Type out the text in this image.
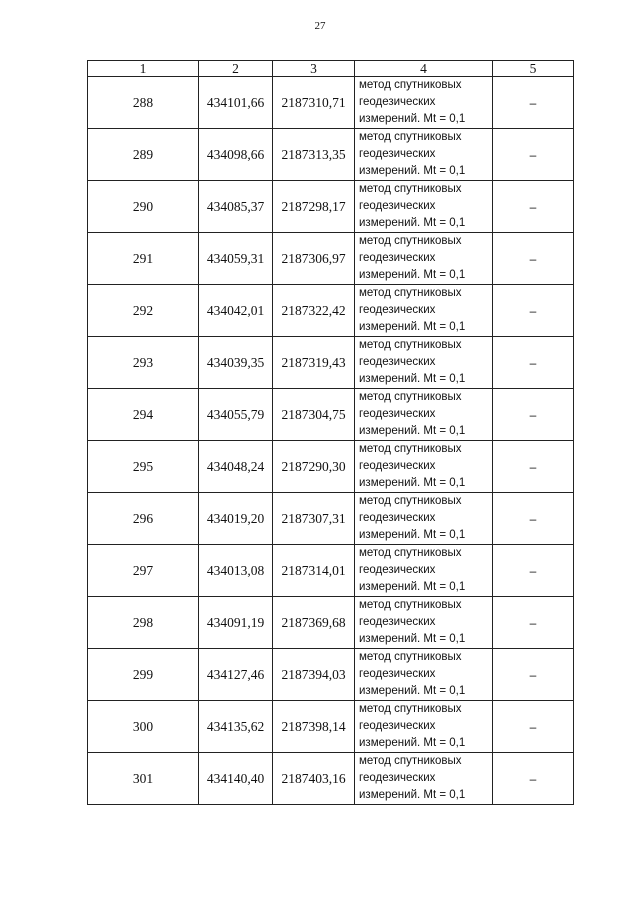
27
1	2	3	4	5
288	434101,66	2187310,71	метод спутниковых
геодезических
измерений. Mt = 0,1	–
289	434098,66	2187313,35	метод спутниковых
геодезических
измерений. Mt = 0,1	–
290	434085,37	2187298,17	метод спутниковых
геодезических
измерений. Mt = 0,1	–
291	434059,31	2187306,97	метод спутниковых
геодезических
измерений. Mt = 0,1	–
292	434042,01	2187322,42	метод спутниковых
геодезических
измерений. Mt = 0,1	–
293	434039,35	2187319,43	метод спутниковых
геодезических
измерений. Mt = 0,1	–
294	434055,79	2187304,75	метод спутниковых
геодезических
измерений. Mt = 0,1	–
295	434048,24	2187290,30	метод спутниковых
геодезических
измерений. Mt = 0,1	–
296	434019,20	2187307,31	метод спутниковых
геодезических
измерений. Mt = 0,1	–
297	434013,08	2187314,01	метод спутниковых
геодезических
измерений. Mt = 0,1	–
298	434091,19	2187369,68	метод спутниковых
геодезических
измерений. Mt = 0,1	–
299	434127,46	2187394,03	метод спутниковых
геодезических
измерений. Mt = 0,1	–
300	434135,62	2187398,14	метод спутниковых
геодезических
измерений. Mt = 0,1	–
301	434140,40	2187403,16	метод спутниковых
геодезических
измерений. Mt = 0,1	–
